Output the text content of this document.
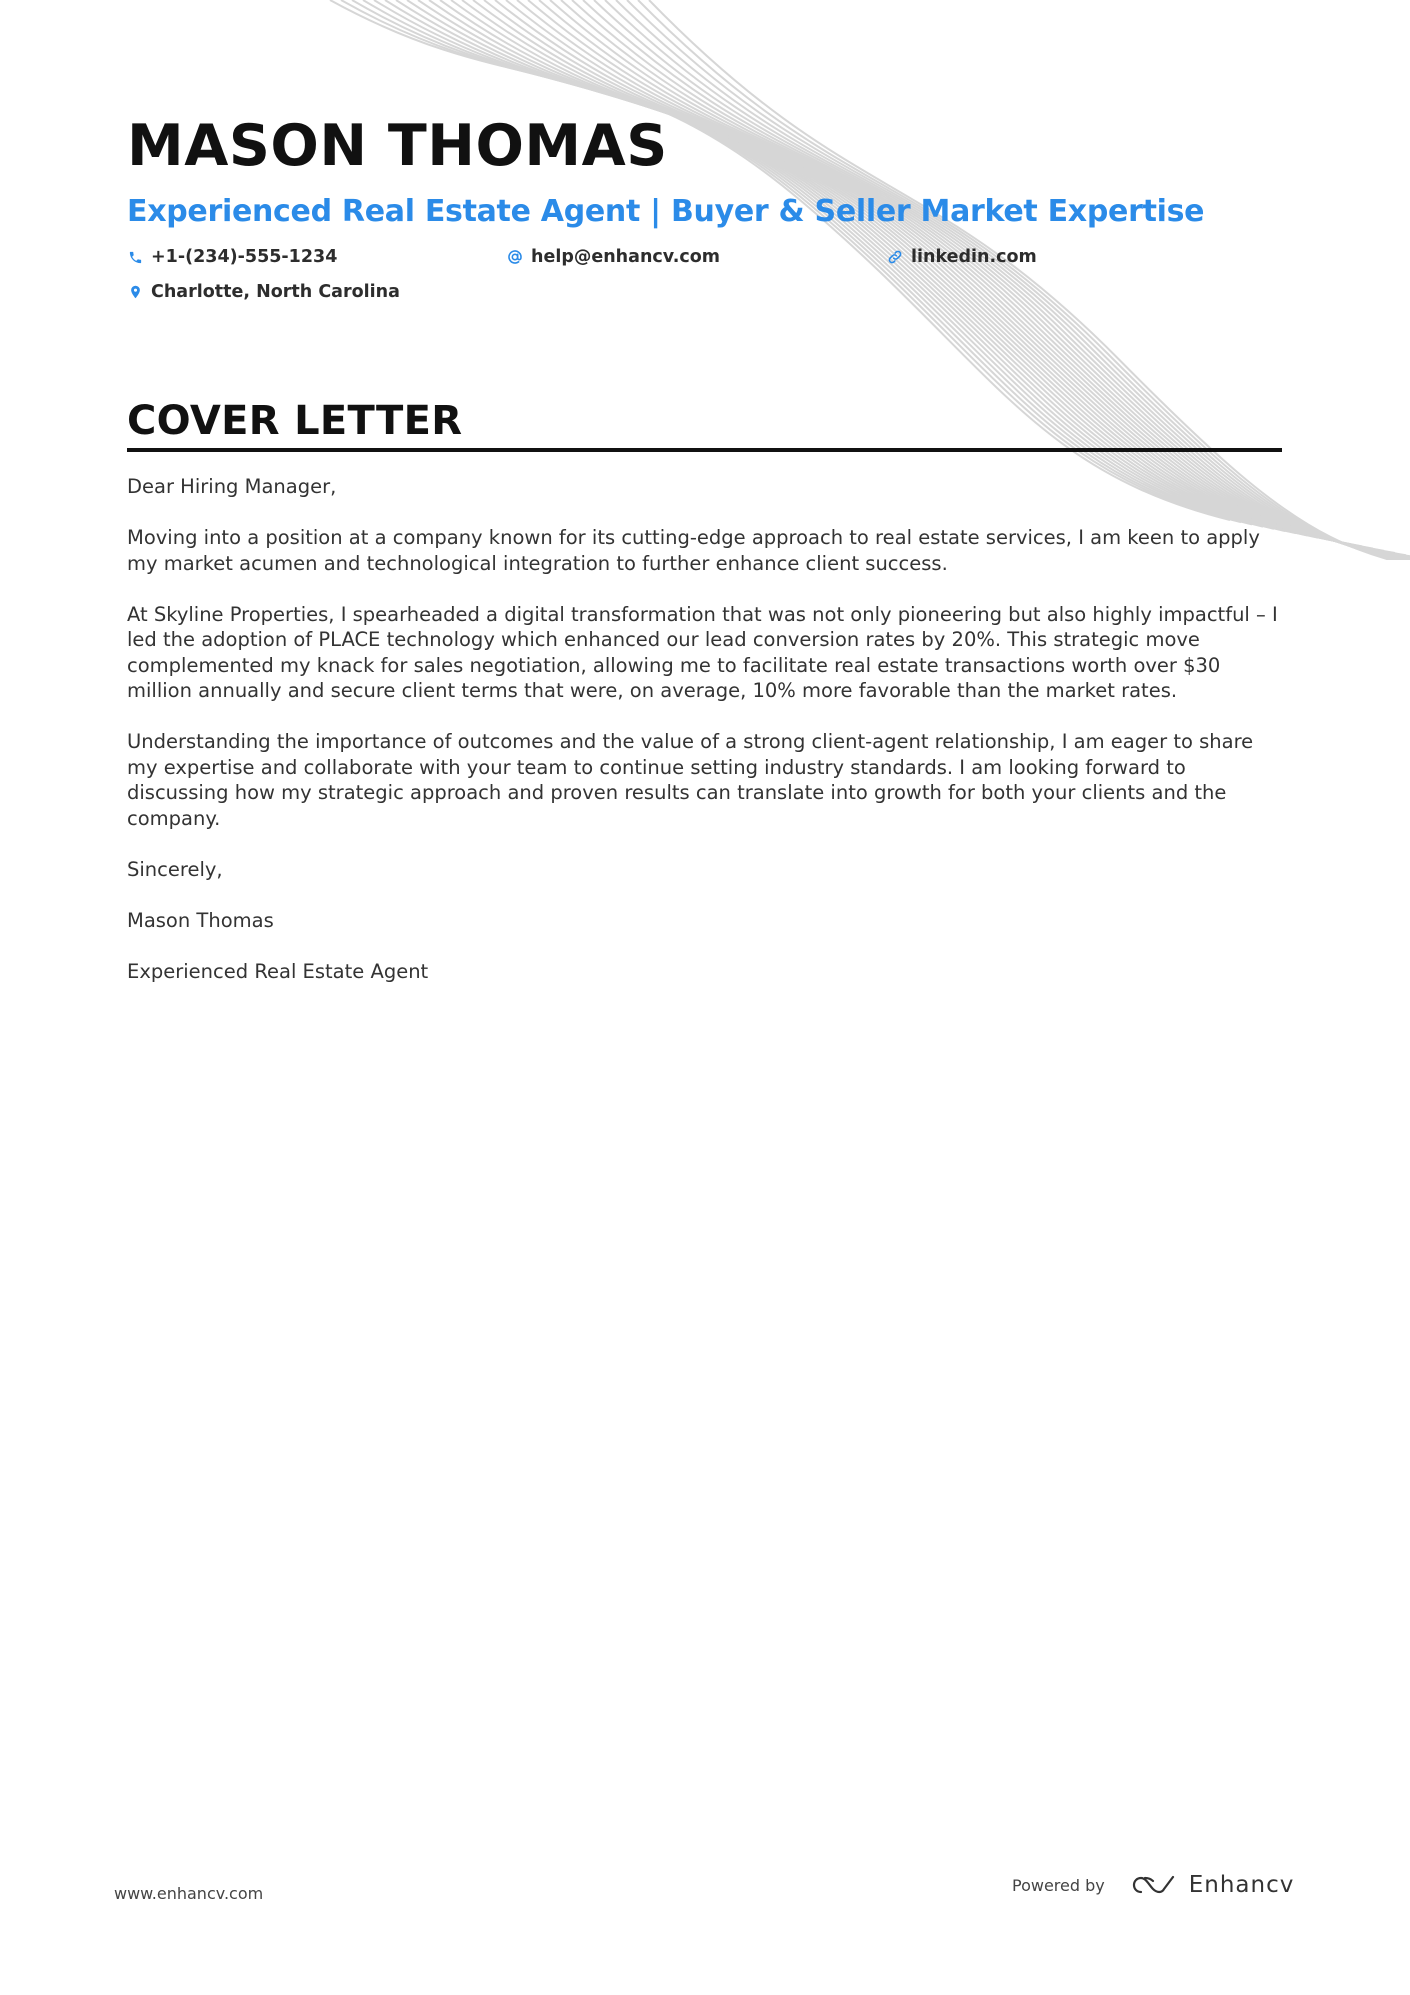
MASON THOMAS
Experienced Real Estate Agent | Buyer & Seller Market Expertise
+1-(234)-555-1234	help@enhancv.com	linkedin.com
Charlotte, North Carolina
COVER LETTER

Dear Hiring Manager,

Moving into a position at a company known for its cutting-edge approach to real estate services, I am keen to apply my market acumen and technological integration to further enhance client success.

At Skyline Properties, I spearheaded a digital transformation that was not only pioneering but also highly impactful – I led the adoption of PLACE technology which enhanced our lead conversion rates by 20%. This strategic move complemented my knack for sales negotiation, allowing me to facilitate real estate transactions worth over $30 million annually and secure client terms that were, on average, 10% more favorable than the market rates.

Understanding the importance of outcomes and the value of a strong client-agent relationship, I am eager to share my expertise and collaborate with your team to continue setting industry standards. I am looking forward to discussing how my strategic approach and proven results can translate into growth for both your clients and the company.

Sincerely,

Mason Thomas

Experienced Real Estate Agent

www.enhancv.com	Powered by	Enhancv
